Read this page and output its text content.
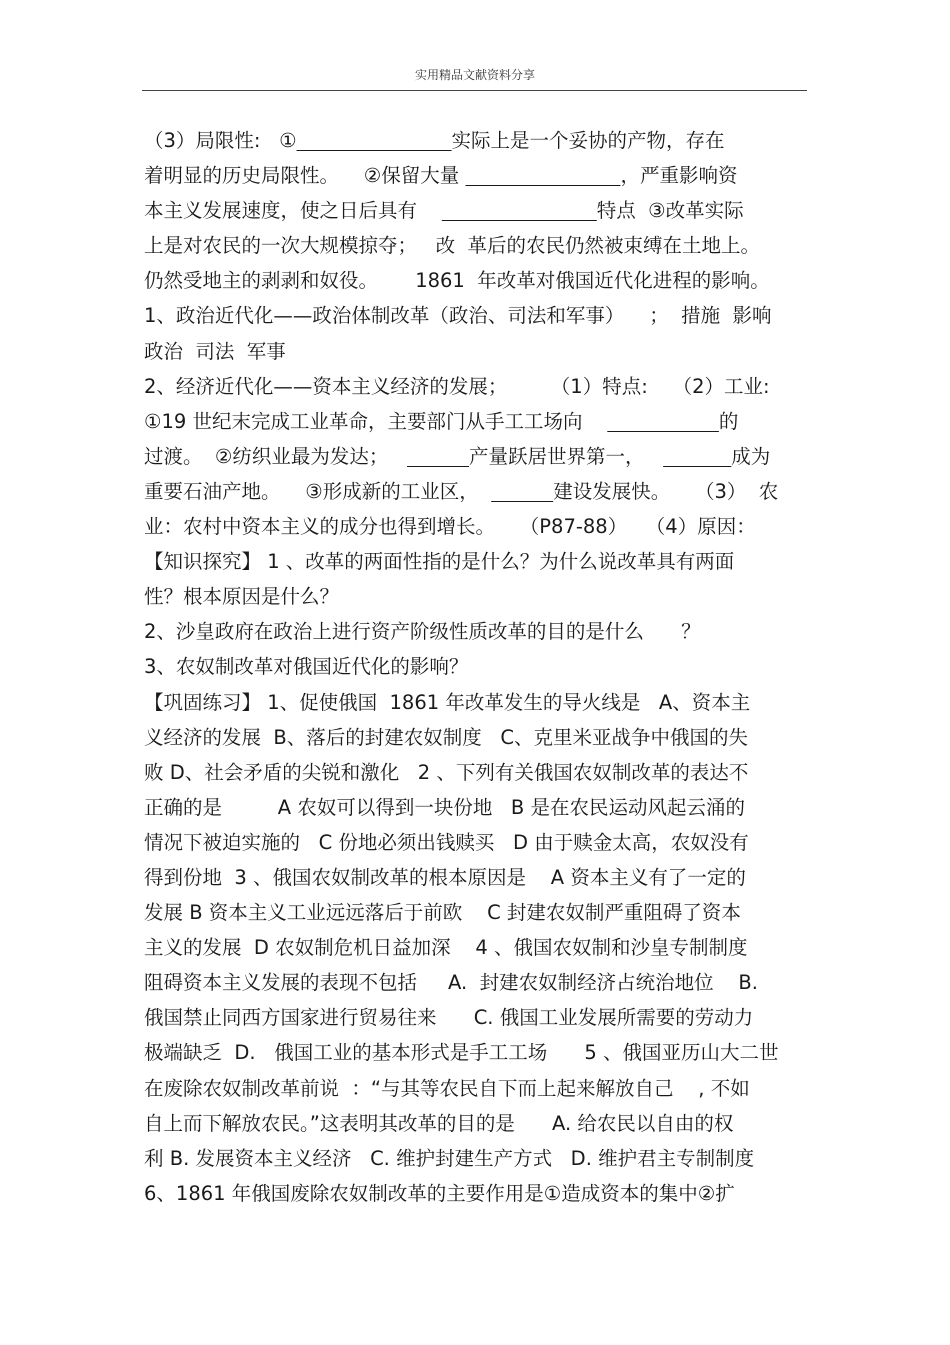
实用精品文献资料分享
（3）局限性:   ①	实际上是一个妥协的产物，存在
着明显的历史局限性。    ②保留大量	，严重影响资
本主义发展速度，使之日后具有	特点  ③改革实际
上是对农民的一次大规模掠夺；   改  革后的农民仍然被束缚在土地上。
仍然受地主的剥剥和奴役。      1861  年改革对俄国近代化进程的影响。
1、政治近代化——政治体制改革（政治、司法和军事）    ；  措施  影响
政治  司法  军事
2、经济近代化——资本主义经济的发展；       （1）特点:    （2）工业:
①19 世纪末完成工业革命，主要部门从手工工场向	的
过渡。  ②纺织业最为发达；	产量跃居世界第一，	成为
重要石油产地。    ③形成新的工业区，	建设发展快。    （3）  农
业：农村中资本主义的成分也得到增长。    （P87-88）   （4）原因：
【知识探究】 1 、改革的两面性指的是什么？为什么说改革具有两面
性？根本原因是什么？
2、沙皇政府在政治上进行资产阶级性质改革的目的是什么      ？
3、农奴制改革对俄国近代化的影响？
【巩固练习】 1、促使俄国  1861 年改革发生的导火线是   A、资本主
义经济的发展  B、落后的封建农奴制度   C、克里米亚战争中俄国的失
败 D、社会矛盾的尖锐和激化   2 、下列有关俄国农奴制改革的表达不
正确的是         A 农奴可以得到一块份地   B 是在农民运动风起云涌的
情况下被迫实施的   C 份地必须出钱赎买   D 由于赎金太高，农奴没有
得到份地  3 、俄国农奴制改革的根本原因是    A 资本主义有了一定的
发展 B 资本主义工业远远落后于前欧    C 封建农奴制严重阻碍了资本
主义的发展  D 农奴制危机日益加深    4 、俄国农奴制和沙皇专制制度
阻碍资本主义发展的表现不包括     A.  封建农奴制经济占统治地位    B.
俄国禁止同西方国家进行贸易往来      C. 俄国工业发展所需要的劳动力
极端缺乏  D.   俄国工业的基本形式是手工工场      5 、俄国亚历山大二世
在废除农奴制改革前说  ：“与其等农民自下而上起来解放自己    , 不如
自上而下解放农民。”这表明其改革的目的是      A. 给农民以自由的权
利 B. 发展资本主义经济   C. 维护封建生产方式   D. 维护君主专制制度
6、1861 年俄国废除农奴制改革的主要作用是①造成资本的集中②扩
